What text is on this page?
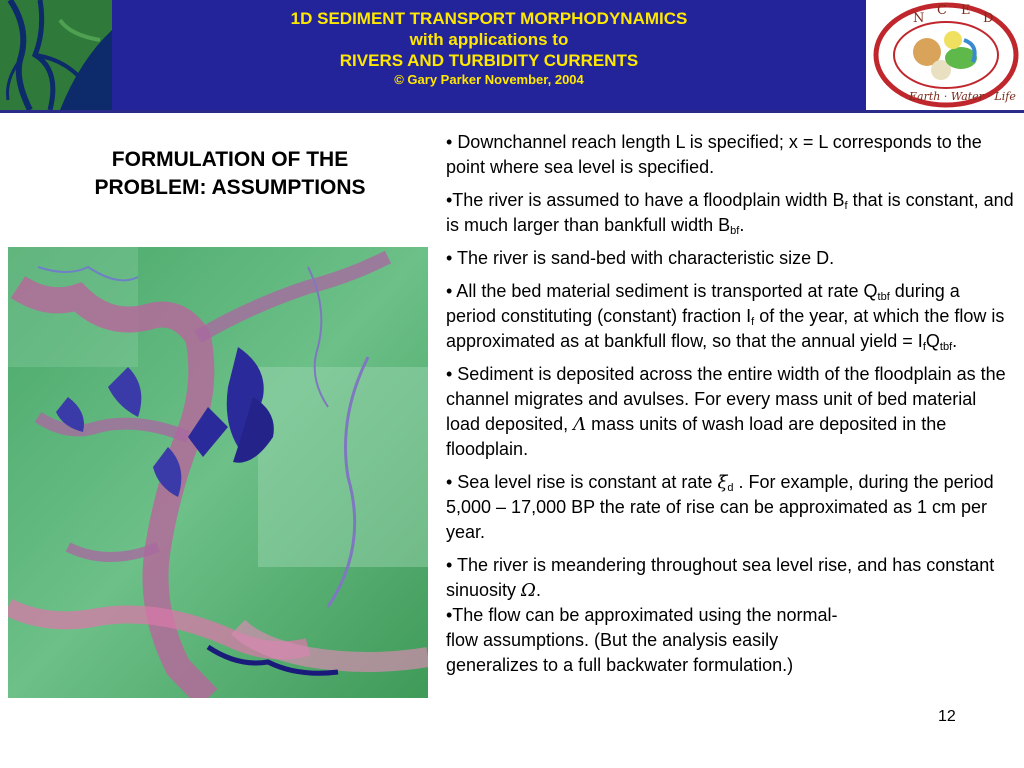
1D SEDIMENT TRANSPORT MORPHODYNAMICS
with applications to
RIVERS AND TURBIDITY CURRENTS
© Gary Parker November, 2004
N
C E
D
Earth · Water · Life
FORMULATION OF THE
PROBLEM: ASSUMPTIONS

• Downchannel reach length L is specified; x = L corresponds to the point where sea level is specified.

•The river is assumed to have a floodplain width $B_f$ that is constant, and is much larger than bankfull width $B_{bf}$.

• The river is sand-bed with characteristic size D.

• All the bed material sediment is transported at rate $Q_{tbf}$ during a period constituting (constant) fraction $I_f$ of the year, at which the flow is approximated as at bankfull flow, so that the annual yield = $I_fQ_{tbf}$.

• Sediment is deposited across the entire width of the floodplain as the channel migrates and avulses. For every mass unit of bed material load deposited, Λ mass units of wash load are deposited in the floodplain.

• Sea level rise is constant at rate $\xi̇_d$ . For example, during the period 5,000 – 17,000 BP the rate of rise can be approximated as 1 cm per year.

• The river is meandering throughout sea level rise, and has constant sinuosity Ω.

•The flow can be approximated using the normal-flow assumptions. (But the analysis easily generalizes to a full backwater formulation.)

12
